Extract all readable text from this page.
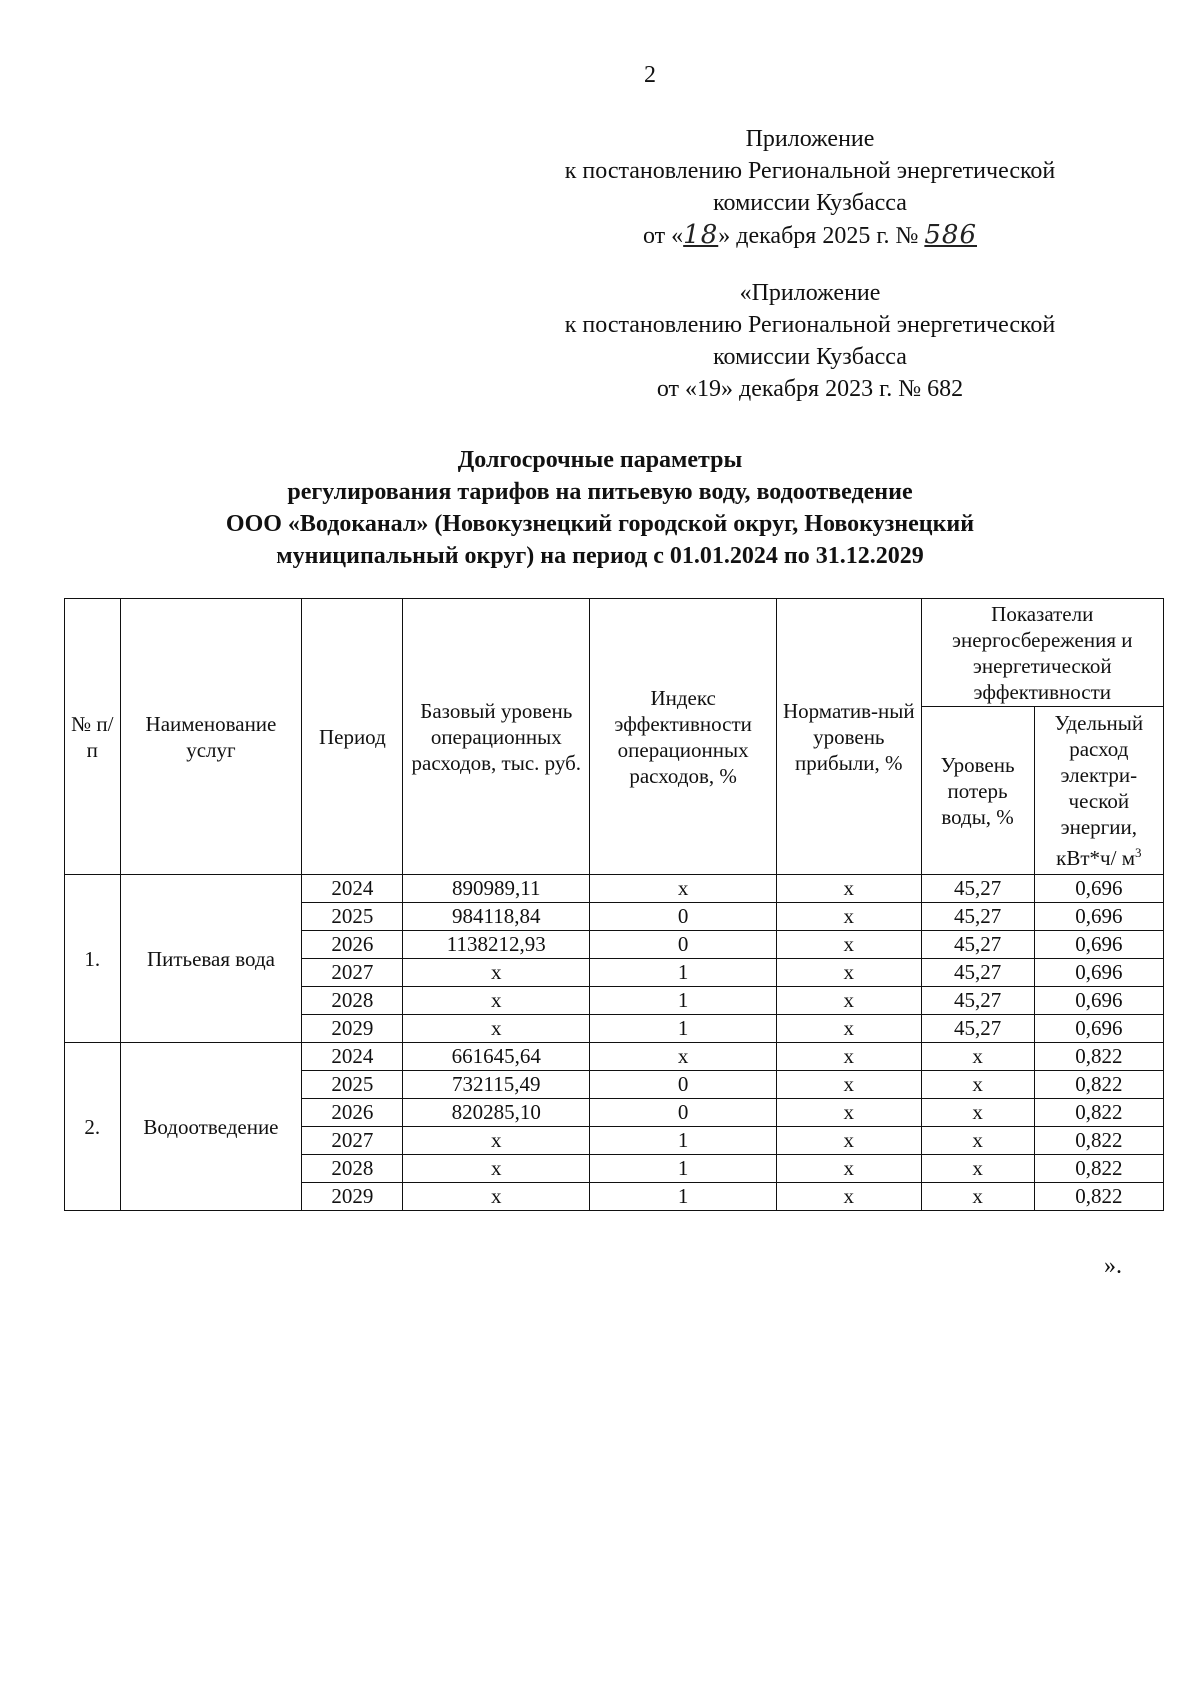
2
Приложение
к постановлению Региональной энергетической
комиссии Кузбасса
от «18» декабря 2025 г. № 586
«Приложение
к постановлению Региональной энергетической
комиссии Кузбасса
от «19» декабря 2023 г. № 682
Долгосрочные параметры
регулирования тарифов на питьевую воду, водоотведение
ООО «Водоканал» (Новокузнецкий городской округ, Новокузнецкий
муниципальный округ) на период с 01.01.2024 по 31.12.2029
№ п/п	Наименование услуг	Период	Базовый уровень операционных расходов, тыс. руб.	Индекс эффективности операционных расходов, %	Норматив-ный уровень прибыли, %	Показатели энергосбережения и энергетической эффективности	
						Уровень потерь воды, %	Удельный расход электри-ческой энергии, кВт*ч/ $м^3$
1.	Питьевая вода	2024	890989,11	x	x	45,27	0,696
		2025	984118,84	0	x	45,27	0,696
		2026	1138212,93	0	x	45,27	0,696
		2027	x	1	x	45,27	0,696
		2028	x	1	x	45,27	0,696
		2029	x	1	x	45,27	0,696
2.	Водоотведение	2024	661645,64	x	x	x	0,822
		2025	732115,49	0	x	x	0,822
		2026	820285,10	0	x	x	0,822
		2027	x	1	x	x	0,822
		2028	x	1	x	x	0,822
		2029	x	1	x	x	0,822
».
